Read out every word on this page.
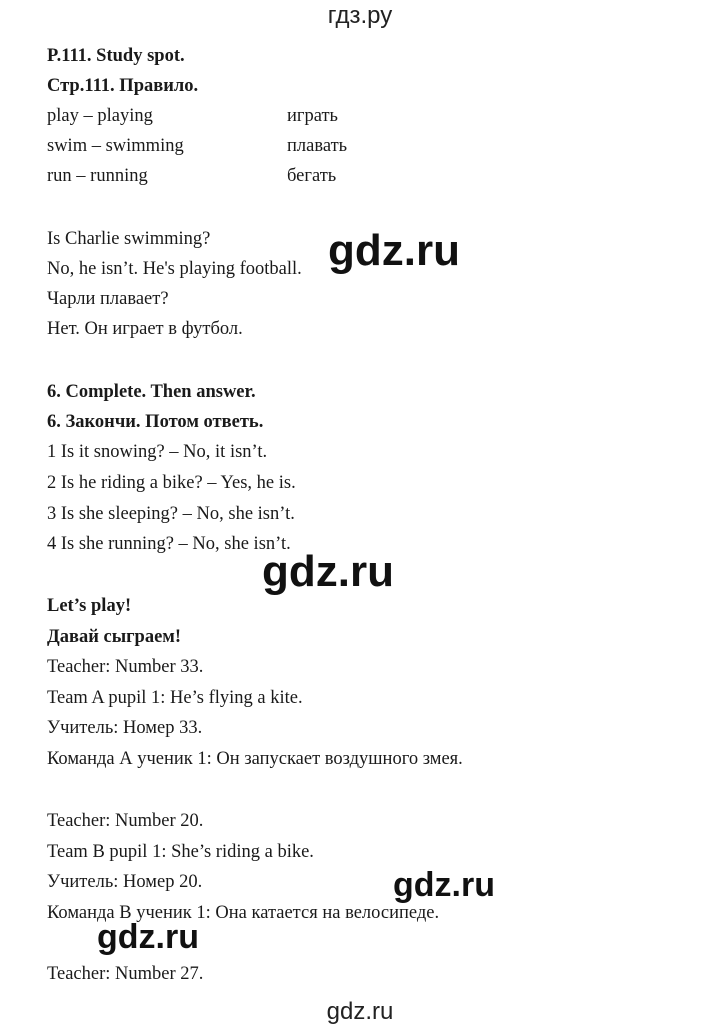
гдз.ру
P.111. Study spot.
Стр.111. Правило.
play – playing	играть
swim – swimming	плавать
run – running	бегать
Is Charlie swimming?
No, he isn’t. He's playing football.
Чарли плавает?
Нет. Он играет в футбол.
6. Complete. Then answer.
6. Закончи. Потом ответь.
1 Is it snowing? – No, it isn’t.
2 Is he riding a bike? – Yes, he is.
3 Is she sleeping? – No, she isn’t.
4 Is she running? – No, she isn’t.
Let’s play!
Давай сыграем!
Teacher: Number 33.
Team A pupil 1: He’s flying a kite.
Учитель: Номер 33.
Команда А ученик 1: Он запускает воздушного змея.
Teacher: Number 20.
Team B pupil 1: She’s riding a bike.
Учитель: Номер 20.
Команда В ученик 1: Она катается на велосипеде.
Teacher: Number 27.
gdz.ru
gdz.ru
gdz.ru
gdz.ru
gdz.ru
